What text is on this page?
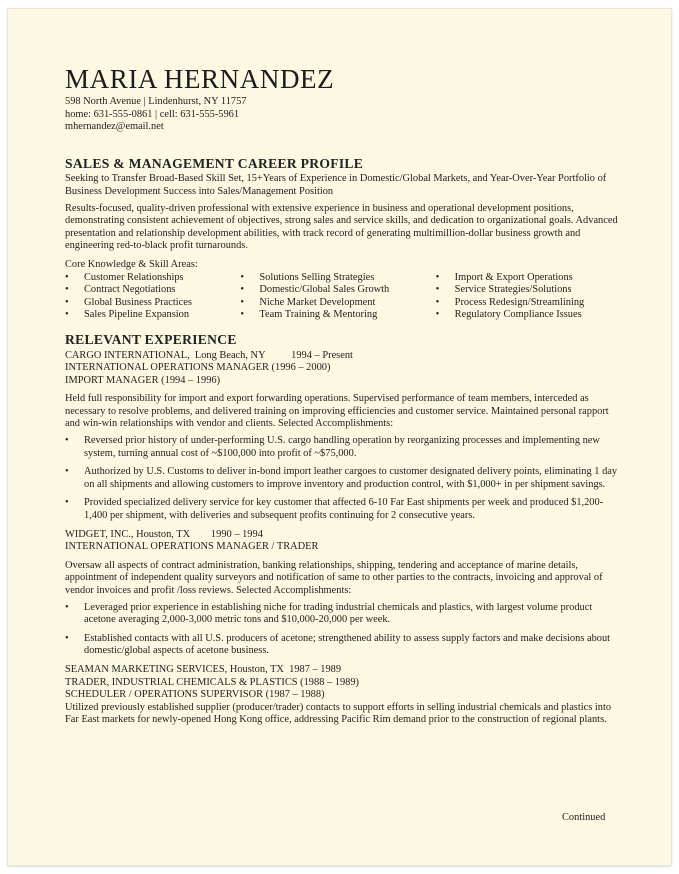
MARIA HERNANDEZ
598 North Avenue | Lindenhurst, NY 11757
home: 631-555-0861 | cell: 631-555-5961
mhernandez@email.net
SALES & MANAGEMENT CAREER PROFILE

Seeking to Transfer Broad-Based Skill Set, 15+Years of Experience in Domestic/Global Markets, and Year-Over-Year Portfolio of Business Development Success into Sales/Management Position

Results-focused, quality-driven professional with extensive experience in business and operational development positions, demonstrating consistent achievement of objectives, strong sales and service skills, and dedication to organizational goals. Advanced presentation and relationship development abilities, with track record of generating multimillion-dollar business growth and engineering red-to-black profit turnarounds.

Core Knowledge & Skill Areas:
• Customer Relationships
• Contract Negotiations
• Global Business Practices
• Sales Pipeline Expansion
• Solutions Selling Strategies
• Domestic/Global Sales Growth
• Niche Market Development
• Team Training & Mentoring
• Import & Export Operations
• Service Strategies/Solutions
• Process Redesign/Streamlining
• Regulatory Compliance Issues
RELEVANT EXPERIENCE
CARGO INTERNATIONAL,  Long Beach, NY          1994 – Present
INTERNATIONAL OPERATIONS MANAGER (1996 – 2000)
IMPORT MANAGER (1994 – 1996)

Held full responsibility for import and export forwarding operations. Supervised performance of team members, interceded as necessary to resolve problems, and delivered training on improving efficiencies and customer service. Maintained personal rapport and win-win relationships with vendor and clients. Selected Accomplishments:

• Reversed prior history of under-performing U.S. cargo handling operation by reorganizing processes and implementing new system, turning annual cost of ~$100,000 into profit of ~$75,000.
• Authorized by U.S. Customs to deliver in-bond import leather cargoes to customer designated delivery points, eliminating 1 day on all shipments and allowing customers to improve inventory and production control, with $1,000+ in per shipment savings.
• Provided specialized delivery service for key customer that affected 6-10 Far East shipments per week and produced $1,200-1,400 per shipment, with deliveries and subsequent profits continuing for 2 consecutive years.
WIDGET, INC., Houston, TX        1990 – 1994
INTERNATIONAL OPERATIONS MANAGER / TRADER

Oversaw all aspects of contract administration, banking relationships, shipping, tendering and acceptance of marine details, appointment of independent quality surveyors and notification of same to other parties to the contracts, invoicing and approval of vendor invoices and profit /loss reviews. Selected Accomplishments:

• Leveraged prior experience in establishing niche for trading industrial chemicals and plastics, with largest volume product acetone averaging 2,000-3,000 metric tons and $10,000-20,000 per week.
• Established contacts with all U.S. producers of acetone; strengthened ability to assess supply factors and make decisions about domestic/global aspects of acetone business.
SEAMAN MARKETING SERVICES, Houston, TX  1987 – 1989
TRADER, INDUSTRIAL CHEMICALS & PLASTICS (1988 – 1989)
SCHEDULER / OPERATIONS SUPERVISOR (1987 – 1988)

Utilized previously established supplier (producer/trader) contacts to support efforts in selling industrial chemicals and plastics into Far East markets for newly-opened Hong Kong office, addressing Pacific Rim demand prior to the construction of regional plants.

Continued
